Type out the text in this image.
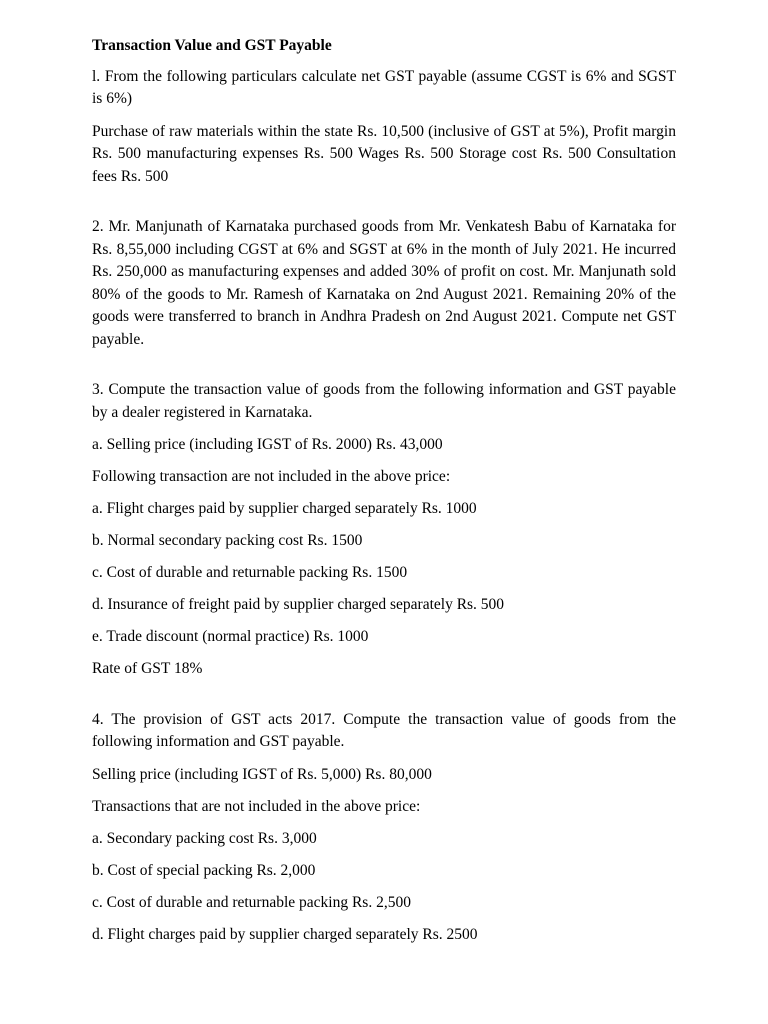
Transaction Value and GST Payable

l. From the following particulars calculate net GST payable (assume CGST is 6% and SGST is 6%)

Purchase of raw materials within the state Rs. 10,500 (inclusive of GST at 5%), Profit margin Rs. 500 manufacturing expenses Rs. 500 Wages Rs. 500 Storage cost Rs. 500 Consultation fees Rs. 500

2. Mr. Manjunath of Karnataka purchased goods from Mr. Venkatesh Babu of Karnataka for Rs. 8,55,000 including CGST at 6% and SGST at 6% in the month of July 2021. He incurred Rs. 250,000 as manufacturing expenses and added 30% of profit on cost. Mr. Manjunath sold 80% of the goods to Mr. Ramesh of Karnataka on 2nd August 2021. Remaining 20% of the goods were transferred to branch in Andhra Pradesh on 2nd August 2021. Compute net GST payable.

3. Compute the transaction value of goods from the following information and GST payable by a dealer registered in Karnataka.

a. Selling price (including IGST of Rs. 2000) Rs. 43,000

Following transaction are not included in the above price:

a. Flight charges paid by supplier charged separately Rs. 1000

b. Normal secondary packing cost Rs. 1500

c. Cost of durable and returnable packing Rs. 1500

d. Insurance of freight paid by supplier charged separately Rs. 500

e. Trade discount (normal practice) Rs. 1000

Rate of GST 18%

4. The provision of GST acts 2017. Compute the transaction value of goods from the following information and GST payable.

Selling price (including IGST of Rs. 5,000) Rs. 80,000

Transactions that are not included in the above price:

a. Secondary packing cost Rs. 3,000

b. Cost of special packing Rs. 2,000

c. Cost of durable and returnable packing Rs. 2,500

d. Flight charges paid by supplier charged separately Rs. 2500
